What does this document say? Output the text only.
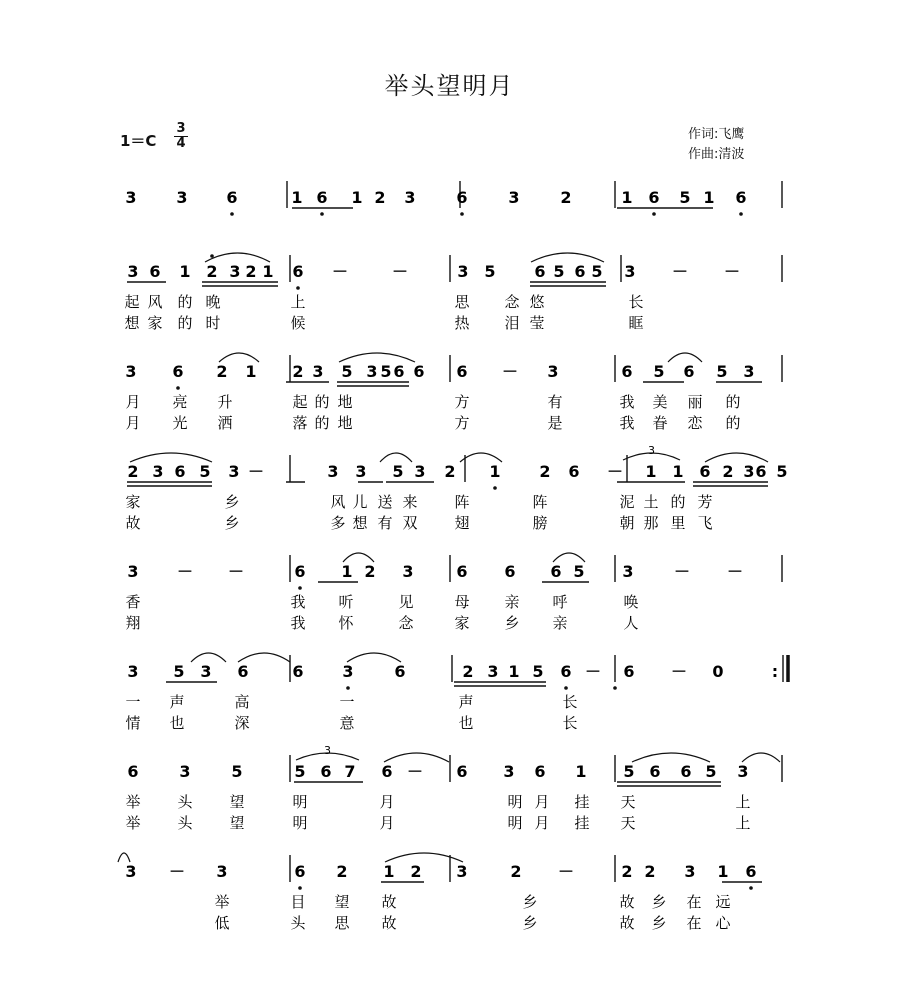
举头望明月
1＝C
3
4
作词:飞鹰
作曲:清波
3 3 6	1 6 1 2 3	6	3	2	1 6 5 1 6
3 6 1 2 3 2 1 6 －	－	3 5 6 5 6 5 3 － －
起 风 的 晚	上	思 念 悠	长
想 家 的 时	候	热 泪 莹	眶
3 6 2 1 2 3 5 3 5 6 6 6 － 3	6 5 6 5 3
月 亮 升	起 的 地	方	有	我 美 丽 的
月 光 洒	落 的 地	方	是	我 眷 恋 的
2 3 6 5 3 －	3 3 5 3 2 1 2 6 － 1 1 6 2 3 6 5
3
家	乡	风 儿 送 来 阵	阵	泥 土 的 芳
故	乡	多 想 有 双 翅	膀	朝 那 里 飞
3 － －	6 1 2 3	6 6 6 5 3	－ －
香	我 听	见	母 亲 呼	唤
翔	我 怀	念	家 乡 亲	人
3 5 3 6	6 3	6	2 3 1 5 6 － 6 － 0	:
一 声	高	一	声	长
情 也	深	意	也	长
6	3	5	5 6 7 6 － 6 3 6 1 5 6 6 5 3
3
举 头 望	明	月	明 月 挂 天	上
举 头 望	明	月	明 月 挂 天	上
3 － 3	6 2 1 2 3	2 －	2 2 3 1 6
举	目 望 故	乡	故 乡 在 远
低	头 思 故	乡	故 乡 在 心
